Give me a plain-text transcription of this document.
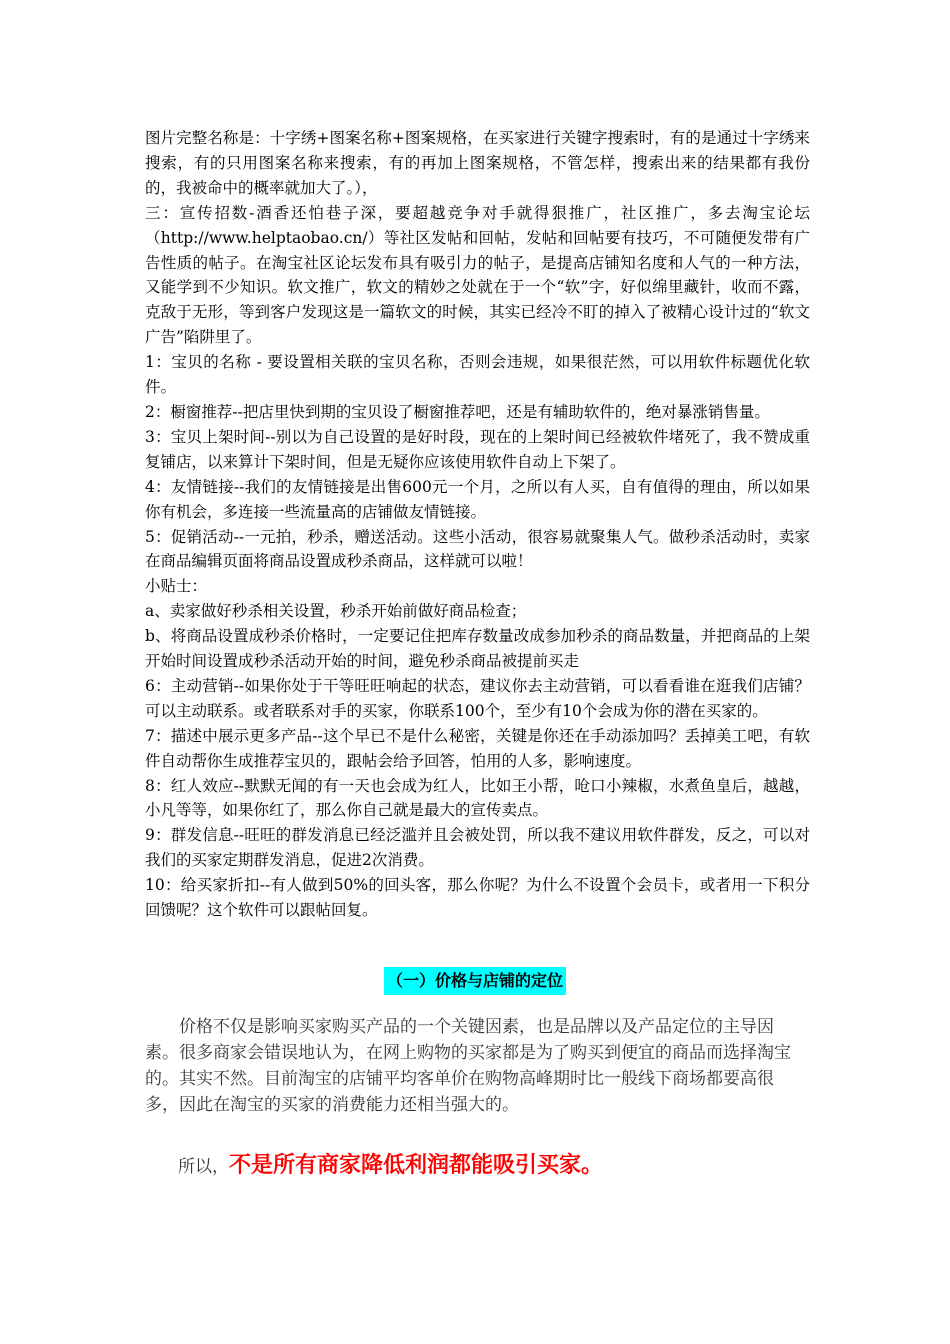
图片完整名称是：十字绣+图案名称+图案规格，在买家进行关键字搜索时，有的是通过十字绣来搜索，有的只用图案名称来搜索，有的再加上图案规格，不管怎样，搜索出来的结果都有我份的，我被命中的概率就加大了。），

三：宣传招数-酒香还怕巷子深，要超越竞争对手就得狠推广，社区推广，多去淘宝论坛（http://www.helptaobao.cn/）等社区发帖和回帖，发帖和回帖要有技巧，不可随便发带有广告性质的帖子。在淘宝社区论坛发布具有吸引力的帖子，是提高店铺知名度和人气的一种方法，又能学到不少知识。软文推广，软文的精妙之处就在于一个“软”字，好似绵里藏针，收而不露，克敌于无形，等到客户发现这是一篇软文的时候，其实已经冷不盯的掉入了被精心设计过的“软文广告”陷阱里了。

1：宝贝的名称 - 要设置相关联的宝贝名称，否则会违规，如果很茫然，可以用软件标题优化软件。

2：橱窗推荐--把店里快到期的宝贝设了橱窗推荐吧，还是有辅助软件的，绝对暴涨销售量。

3：宝贝上架时间--别以为自己设置的是好时段，现在的上架时间已经被软件堵死了，我不赞成重复铺店，以来算计下架时间，但是无疑你应该使用软件自动上下架了。

4：友情链接--我们的友情链接是出售600元一个月，之所以有人买，自有值得的理由，所以如果你有机会，多连接一些流量高的店铺做友情链接。

5：促销活动--一元拍，秒杀，赠送活动。这些小活动，很容易就聚集人气。做秒杀活动时，卖家在商品编辑页面将商品设置成秒杀商品，这样就可以啦！

小贴士：

a、卖家做好秒杀相关设置，秒杀开始前做好商品检查；

b、将商品设置成秒杀价格时，一定要记住把库存数量改成参加秒杀的商品数量，并把商品的上架开始时间设置成秒杀活动开始的时间，避免秒杀商品被提前买走

6：主动营销--如果你处于干等旺旺响起的状态，建议你去主动营销，可以看看谁在逛我们店铺？可以主动联系。或者联系对手的买家，你联系100个，至少有10个会成为你的潜在买家的。

7：描述中展示更多产品--这个早已不是什么秘密，关键是你还在手动添加吗？丢掉美工吧，有软件自动帮你生成推荐宝贝的，跟帖会给予回答，怕用的人多，影响速度。

8：红人效应--默默无闻的有一天也会成为红人，比如王小帮，呛口小辣椒，水煮鱼皇后，越越，小凡等等，如果你红了，那么你自己就是最大的宣传卖点。

9：群发信息--旺旺的群发消息已经泛滥并且会被处罚，所以我不建议用软件群发，反之，可以对我们的买家定期群发消息，促进2次消费。

10：给买家折扣--有人做到50%的回头客，那么你呢？为什么不设置个会员卡，或者用一下积分回馈呢？这个软件可以跟帖回复。

（一）价格与店铺的定位

价格不仅是影响买家购买产品的一个关键因素，也是品牌以及产品定位的主导因素。很多商家会错误地认为，在网上购物的买家都是为了购买到便宜的商品而选择淘宝的。其实不然。目前淘宝的店铺平均客单价在购物高峰期时比一般线下商场都要高很多，因此在淘宝的买家的消费能力还相当强大的。

所以，不是所有商家降低利润都能吸引买家。
